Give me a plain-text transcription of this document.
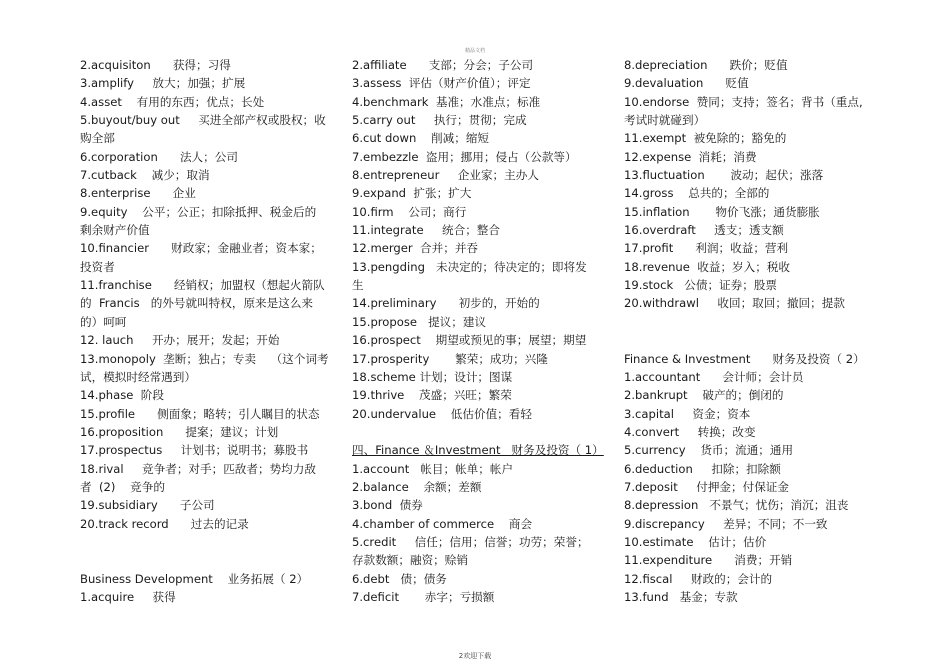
精品文档
2.acquisiton      获得；习得
3.amplify     放大；加强；扩展
4.asset    有用的东西；优点；长处
5.buyout/buy out     买进全部产权或股权；收
购全部
6.corporation      法人；公司
7.cutback    减少；取消
8.enterprise      企业
9.equity    公平；公正；扣除抵押、税金后的
剩余财产价值
10.financier      财政家；金融业者；资本家；
投资者
11.franchise      经销权；加盟权（想起火箭队
的  Francis   的外号就叫特权，原来是这么来
的）呵呵
12. lauch     开办；展开；发起；开始
13.monopoly  垄断；独占；专卖    （这个词考
试，模拟时经常遇到）
14.phase  阶段
15.profile      侧面象；略转；引人瞩目的状态
16.proposition      提案；建议；计划
17.prospectus     计划书；说明书；募股书
18.rival     竞争者；对手；匹敌者；势均力敌
者  (2)    竞争的
19.subsidiary      子公司
20.track record      过去的记录
Business Development    业务拓展（ 2）
1.acquire     获得
2.affiliate      支部；分会；子公司
3.assess  评估（财产价值）；评定
4.benchmark  基准；水准点；标准
5.carry out     执行；贯彻；完成
6.cut down    削减；缩短
7.embezzle  盗用；挪用；侵占（公款等）
8.entrepreneur     企业家；主办人
9.expand  扩张；扩大
10.firm    公司；商行
11.integrate     统合；整合
12.merger  合并；并吞
13.pengding   未决定的；待决定的；即将发
生
14.preliminary      初步的，开始的
15.propose   提议；建议
16.prospect    期望或预见的事；展望；期望
17.prosperity       繁荣；成功；兴隆
18.scheme 计划；设计；图谋
19.thrive    茂盛；兴旺；繁荣
20.undervalue    低估价值；看轻
四、Finance ＆Investment   财务及投资（ 1）
1.account   帐目；帐单；帐户
2.balance    余额；差额
3.bond  债券
4.chamber of commerce    商会
5.credit     信任；信用；信誉；功劳；荣誉；
存款数额；融资；赊销
6.debt   债；债务
7.deficit       赤字；亏损额
8.depreciation      跌价；贬值
9.devaluation      贬值
10.endorse  赞同；支持；签名；背书（重点,
考试时就碰到）
11.exempt  被免除的；豁免的
12.expense  消耗；消费
13.fluctuation       波动；起伏；涨落
14.gross    总共的；全部的
15.inflation       物价飞涨；通货膨胀
16.overdraft     透支；透支额
17.profit      利润；收益；营利
18.revenue  收益；岁入；税收
19.stock   公债；证券；股票
20.withdrawl     收回；取回；撤回；提款
Finance & Investment      财务及投资（ 2）
1.accountant      会计师；会计员
2.bankrupt    破产的；倒闭的
3.capital     资金；资本
4.convert     转换；改变
5.currency    货币；流通；通用
6.deduction     扣除；扣除额
7.deposit     付押金；付保证金
8.depression   不景气；忧伤；消沉；沮丧
9.discrepancy     差异；不同；不一致
10.estimate    估计；估价
11.expenditure      消费；开销
12.fiscal     财政的；会计的
13.fund   基金；专款
2欢迎下载
